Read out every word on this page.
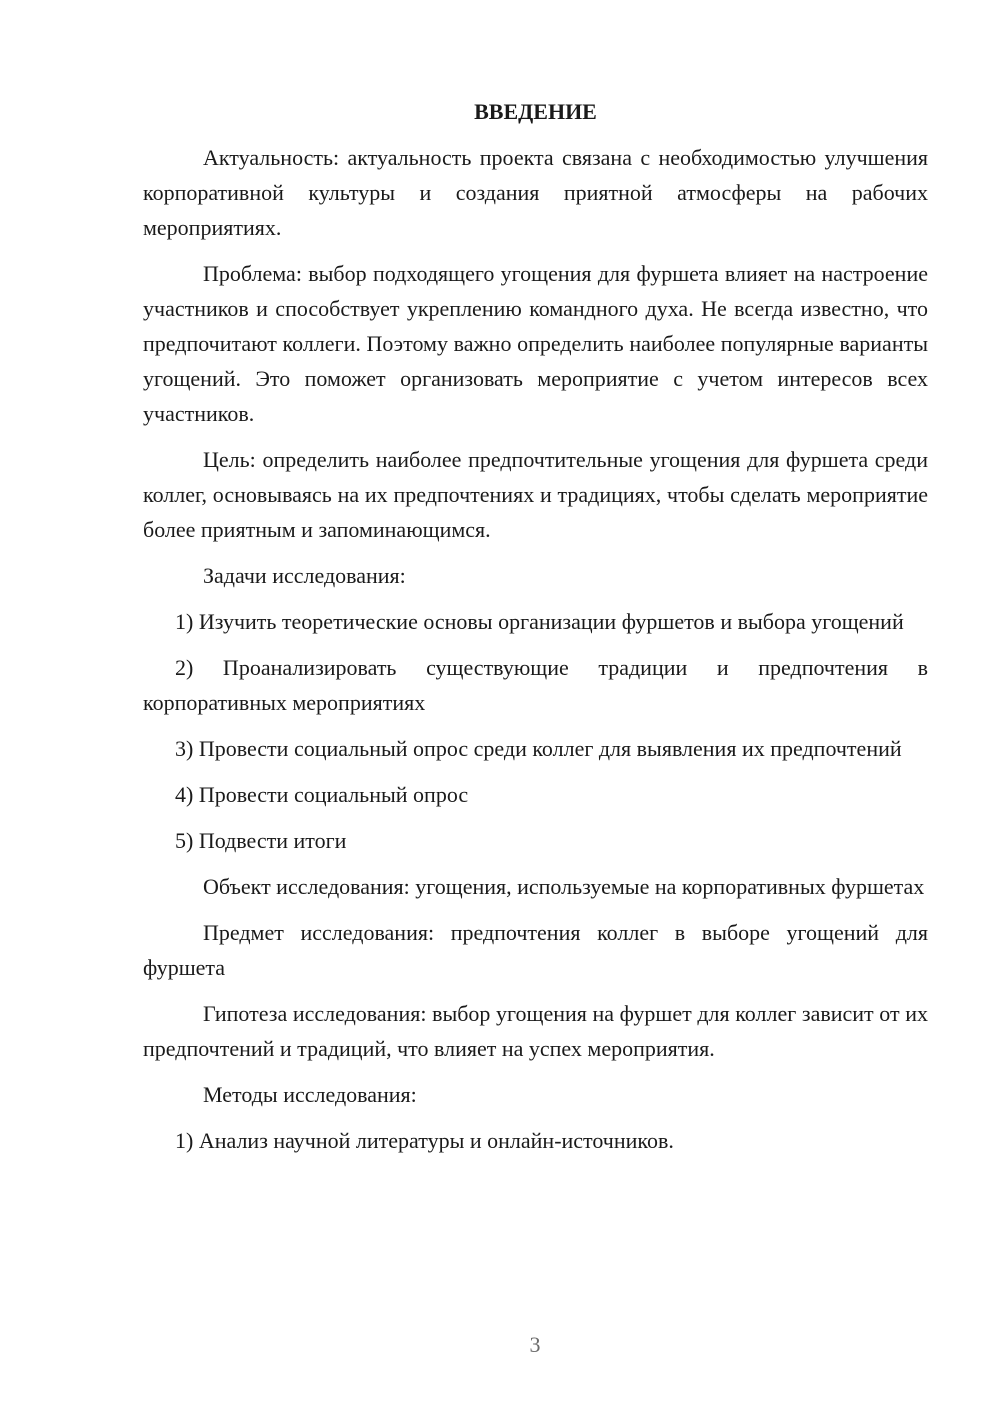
ВВЕДЕНИЕ

Актуальность: актуальность проекта связана с необходимостью улучшения корпоративной культуры и создания приятной атмосферы на рабочих мероприятиях.

Проблема: выбор подходящего угощения для фуршета влияет на настроение участников и способствует укреплению командного духа. Не всегда известно, что предпочитают коллеги. Поэтому важно определить наиболее популярные варианты угощений. Это поможет организовать мероприятие с учетом интересов всех участников.

Цель: определить наиболее предпочтительные угощения для фуршета среди коллег, основываясь на их предпочтениях и традициях, чтобы сделать мероприятие более приятным и запоминающимся.

Задачи исследования:

1) Изучить теоретические основы организации фуршетов и выбора угощений

2) Проанализировать существующие традиции и предпочтения в корпоративных мероприятиях

3) Провести социальный опрос среди коллег для выявления их предпочтений

4) Провести социальный опрос

5) Подвести итоги

Объект исследования: угощения, используемые на корпоративных фуршетах

Предмет исследования: предпочтения коллег в выборе угощений для фуршета

Гипотеза исследования: выбор угощения на фуршет для коллег зависит от их предпочтений и традиций, что влияет на успех мероприятия.

Методы исследования:

1) Анализ научной литературы и онлайн-источников.

3
